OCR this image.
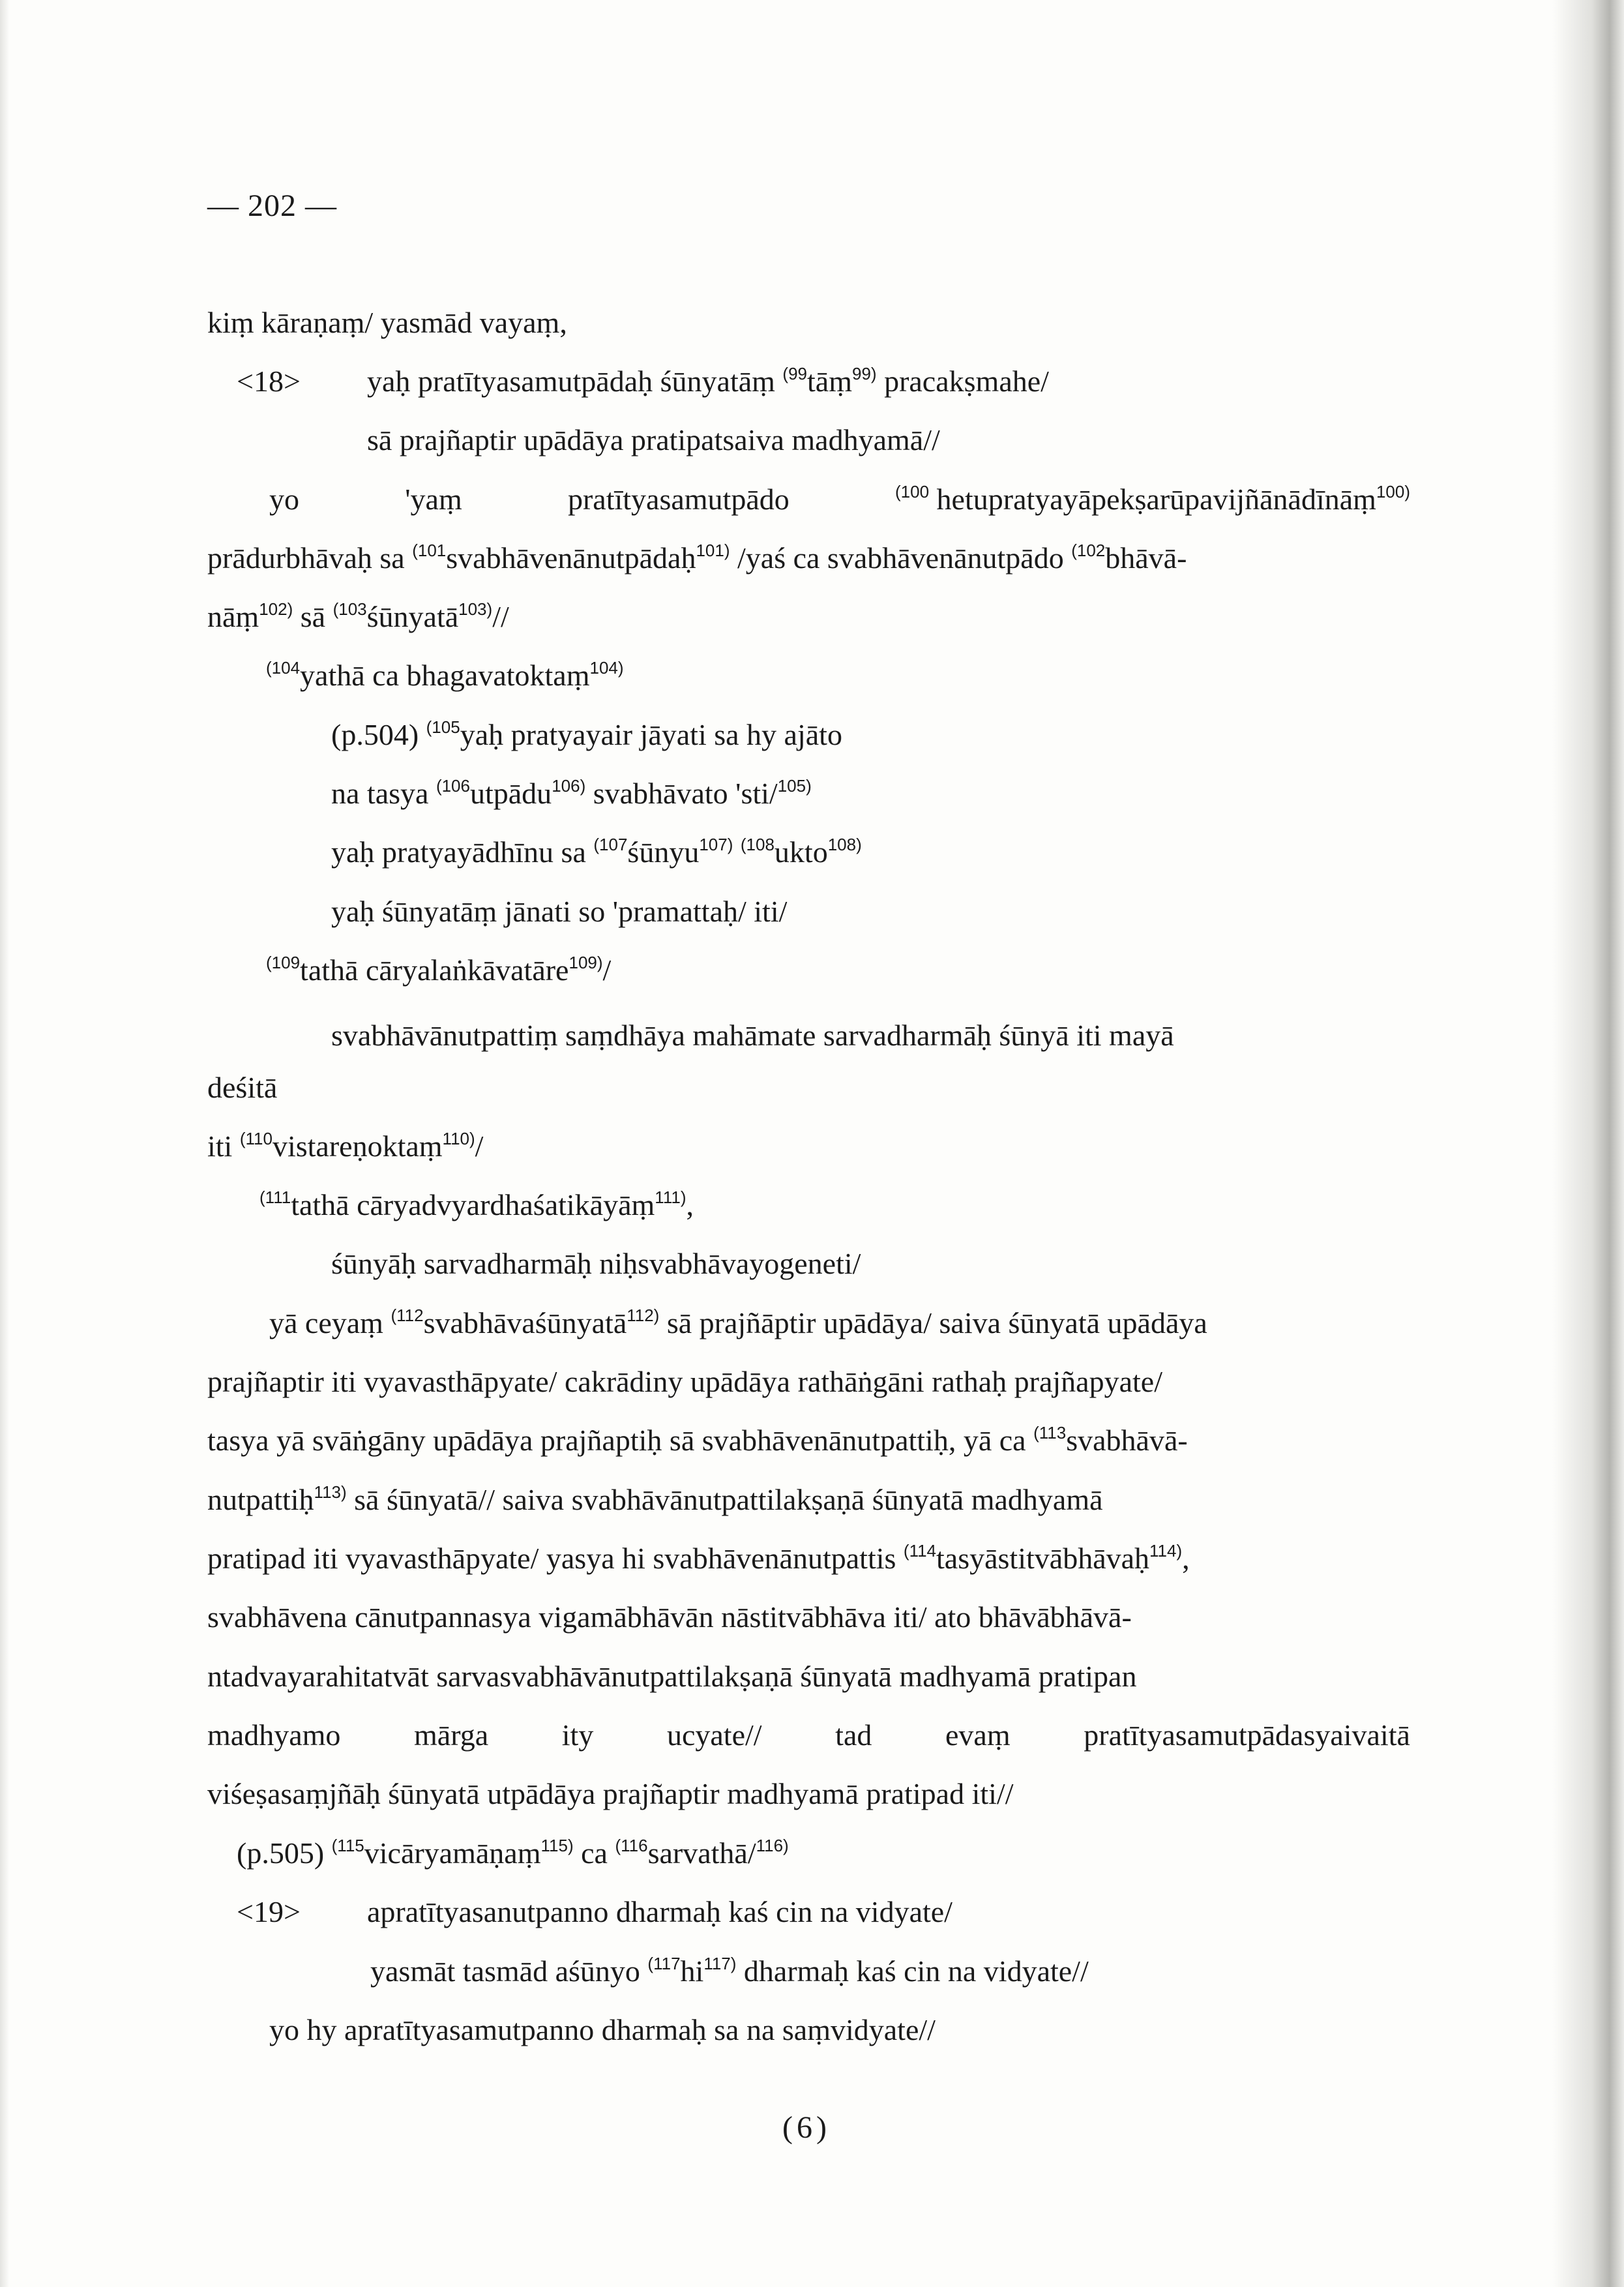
— 202 —
kiṃ kāraṇaṃ/ yasmād vayaṃ,
<18> yaḥ pratītyasamutpādaḥ śūnyatāṃ $^{(99}$tāṃ$^{99)}$ pracakṣmahe/
sā prajñaptir upādāya pratipatsaiva madhyamā//
yo	'yaṃ	pratītyasamutpādo	$^{(100}$ hetupratyayāpekṣarūpavijñānādīnāṃ$^{100)}$
prādurbhāvaḥ sa $^{(101}$svabhāvenānutpādaḥ$^{101)}$ /yaś ca svabhāvenānutpādo $^{(102}$bhāvā-
nāṃ$^{102)}$ sā $^{(103}$śūnyatā$^{103)}$//
$^{(104}$yathā ca bhagavatoktaṃ$^{104)}$
(p.504) $^{(105}$yaḥ pratyayair jāyati sa hy ajāto
na tasya $^{(106}$utpādu$^{106)}$ svabhāvato 'sti/$^{105)}$
yaḥ pratyayādhīnu sa $^{(107}$śūnyu$^{107)}$ $^{(108}$ukto$^{108)}$
yaḥ śūnyatāṃ jānati so 'pramattaḥ/ iti/
$^{(109}$tathā cāryalaṅkāvatāre$^{109)}$/
svabhāvānutpattiṃ saṃdhāya mahāmate sarvadharmāḥ śūnyā iti mayā
deśitā
iti $^{(110}$vistareṇoktaṃ$^{110)}$/
$^{(111}$tathā cāryadvyardhaśatikāyāṃ$^{111)}$,
śūnyāḥ sarvadharmāḥ niḥsvabhāvayogeneti/
yā ceyaṃ $^{(112}$svabhāvaśūnyatā$^{112)}$ sā prajñāptir upādāya/ saiva śūnyatā upādāya
prajñaptir iti vyavasthāpyate/ cakrādiny upādāya rathāṅgāni rathaḥ prajñapyate/
tasya yā svāṅgāny upādāya prajñaptiḥ sā svabhāvenānutpattiḥ, yā ca $^{(113}$svabhāvā-
nutpattiḥ$^{113)}$ sā śūnyatā// saiva svabhāvānutpattilakṣaṇā śūnyatā madhyamā
pratipad iti vyavasthāpyate/ yasya hi svabhāvenānutpattis $^{(114}$tasyāstitvābhāvaḥ$^{114)}$,
svabhāvena cānutpannasya vigamābhāvān nāstitvābhāva iti/ ato bhāvābhāvā-
ntadvayarahitatvāt sarvasvabhāvānutpattilakṣaṇā śūnyatā madhyamā pratipan
madhyamo mārga ity ucyate// tad evaṃ pratītyasamutpādasyaivaitā
viśeṣasaṃjñāḥ śūnyatā utpādāya prajñaptir madhyamā pratipad iti//
(p.505) $^{(115}$vicāryamāṇaṃ$^{115)}$ ca $^{(116}$sarvathā/$^{116)}$
<19> apratītyasanutpanno dharmaḥ kaś cin na vidyate/
yasmāt tasmād aśūnyo $^{(117}$hi$^{117)}$ dharmaḥ kaś cin na vidyate//
yo hy apratītyasamutpanno dharmaḥ sa na saṃvidyate//
(6)
